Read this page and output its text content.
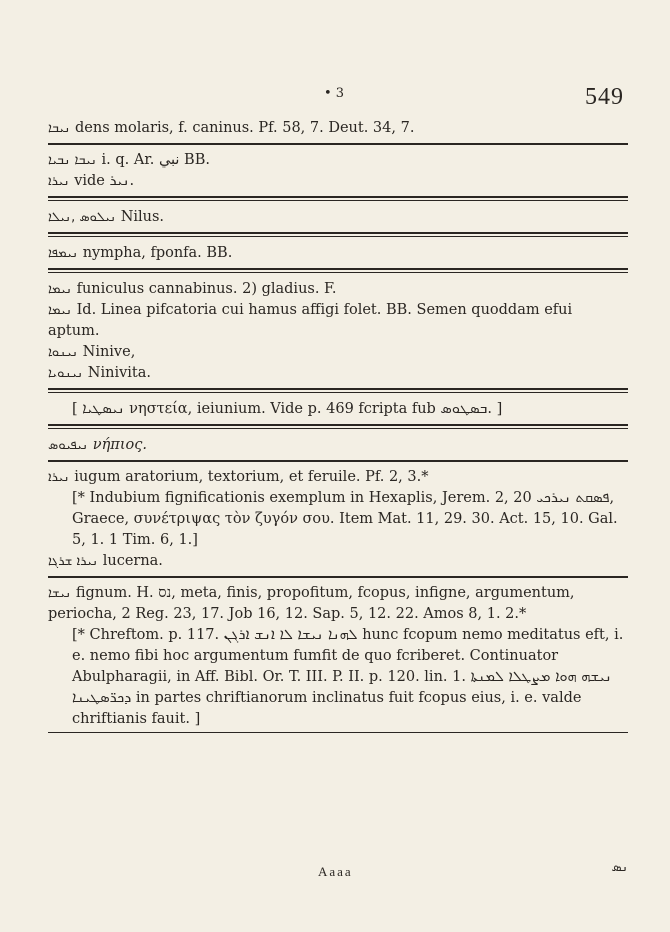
• 3	549
ܢܝܒܐ dens molaris, f. caninus. Pf. 58, 7. Deut. 34, 7.
ܢܝܒܐ ܢܒܝܐ i. q. Ar. ﻧﺒﻲ BB.
ܢܝܪܐ vide ܢܝܪ.
ܢܝܠܘܣ ,ܢܝܠܐ Nilus.
ܢܝܡܦܐ nympha, fponfa. BB.
ܢܝܡܐ funiculus cannabinus. 2) gladius. F.
ܢܝܡܐ Id. Linea pifcatoria cui hamus affigi folet. BB. Semen quoddam efui aptum.
ܢܝܢܘܐ Ninive,
ܢܝܢܘܝܐ Ninivita.
[ ܢܝܣܛܝܐ νηστεία, ieiunium. Vide p. 469 fcripta fub ܒܣܛܘܣ. ]
ܢܝܦܝܘܣ νήπιος.
ܢܝܪܐ iugum aratorium, textorium, et feruile. Pf. 2, 3.*
[* Indubium fignificationis exemplum in Hexaplis, Jerem. 2, 20 ܦܣܩܬ ܢܝܪܟܝ, Graece, συνέτριψας τὸν ζυγόν σου. Item Mat. 11, 29. 30. Act. 15, 10. Gal. 5, 1. 1 Tim. 6, 1.]
ܢܝܪܐ ܫܪܓܐ lucerna.
ܢܝܫܐ fignum. H. נס, meta, finis, propofitum, fcopus, infigne, argumentum, periocha, 2 Reg. 23, 17. Job 16, 12. Sap. 5, 12. 22. Amos 8, 1. 2.*
[* Chreftom. p. 117. ܠܗܢܐ ܢܝܫܐ ܠܐ ܐܢܫ ܐܪܓܢ hunc fcopum nemo meditatus eft, i. e. nemo fibi hoc argumentum fumfit de quo fcriberet. Continuator Abulpharagii, in Aff. Bibl. Or. T. III. P. II. p. 120. lin. 1. ܢܝܫܗ ܗܘܐ ܡܨܛܠܐ ܠܡܢܬܐ ܕܟܪ̈ܣܛܝܢܐ in partes chriftianorum inclinatus fuit fcopus eius, i. e. valde chriftianis fauit. ]
Aaaa	ܢܣ
